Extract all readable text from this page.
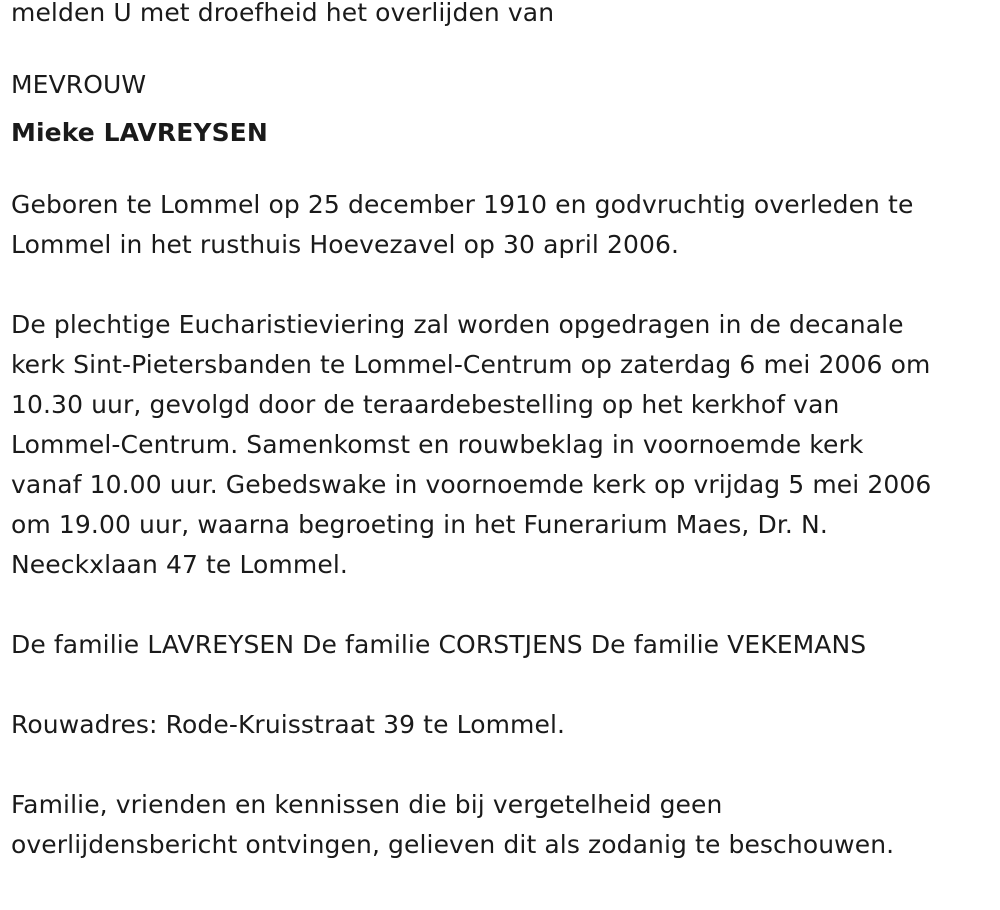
melden U met droefheid het overlijden van
MEVROUW
Mieke LAVREYSEN
Geboren te Lommel op 25 december 1910 en godvruchtig overleden te
Lommel in het rusthuis Hoevezavel op 30 april 2006.
De plechtige Eucharistieviering zal worden opgedragen in de decanale
kerk Sint-Pietersbanden te Lommel-Centrum op zaterdag 6 mei 2006 om
10.30 uur, gevolgd door de teraardebestelling op het kerkhof van
Lommel-Centrum. Samenkomst en rouwbeklag in voornoemde kerk
vanaf 10.00 uur. Gebedswake in voornoemde kerk op vrijdag 5 mei 2006
om 19.00 uur, waarna begroeting in het Funerarium Maes, Dr. N.
Neeckxlaan 47 te Lommel.
De familie LAVREYSEN De familie CORSTJENS De familie VEKEMANS
Rouwadres: Rode-Kruisstraat 39 te Lommel.
Familie, vrienden en kennissen die bij vergetelheid geen
overlijdensbericht ontvingen, gelieven dit als zodanig te beschouwen.
